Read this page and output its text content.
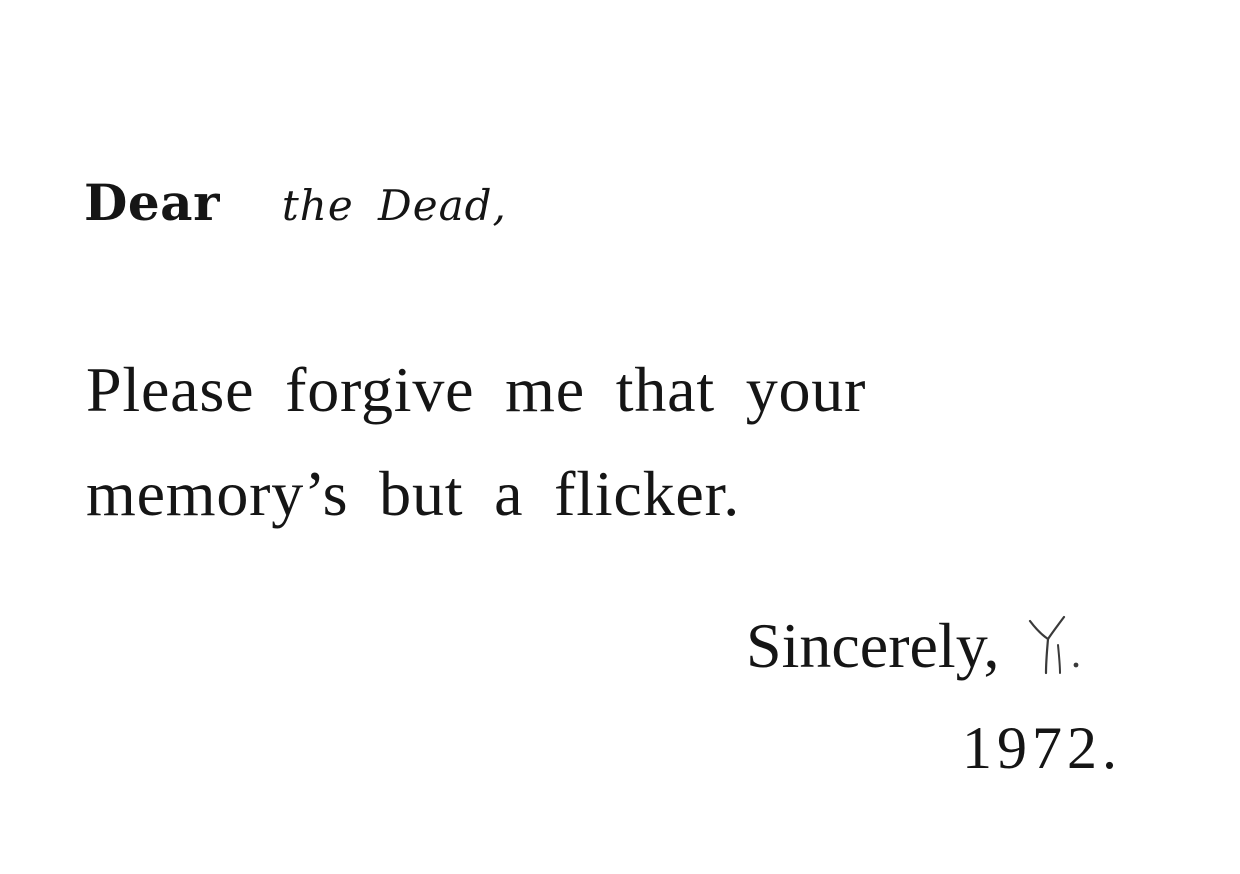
Dear the Dead,
Please forgive me that your
memory’s but a flicker.
Sincerely,
1972.
